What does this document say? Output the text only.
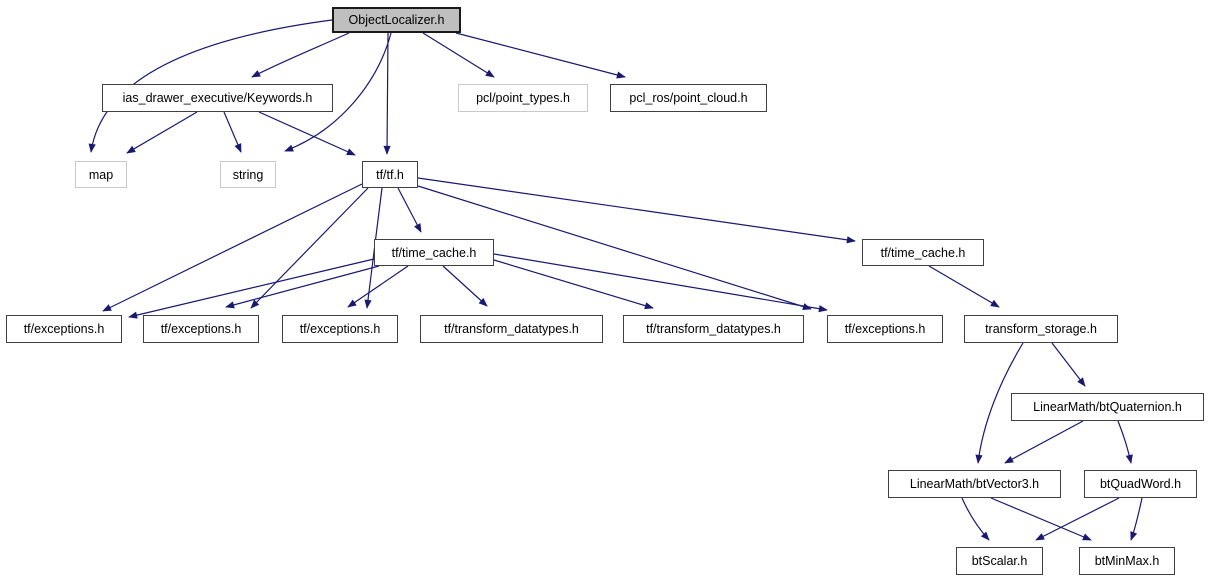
ObjectLocalizer.h
ias_drawer_executive/Keywords.h	pcl/point_types.h	pcl_ros/point_cloud.h
map	string	tf/tf.h
tf/time_cache.h	tf/time_cache.h
tf/exceptions.h	tf/exceptions.h	tf/exceptions.h	tf/transform_datatypes.h	tf/transform_datatypes.h	tf/exceptions.h	transform_storage.h
LinearMath/btQuaternion.h
LinearMath/btVector3.h	btQuadWord.h
btScalar.h	btMinMax.h
